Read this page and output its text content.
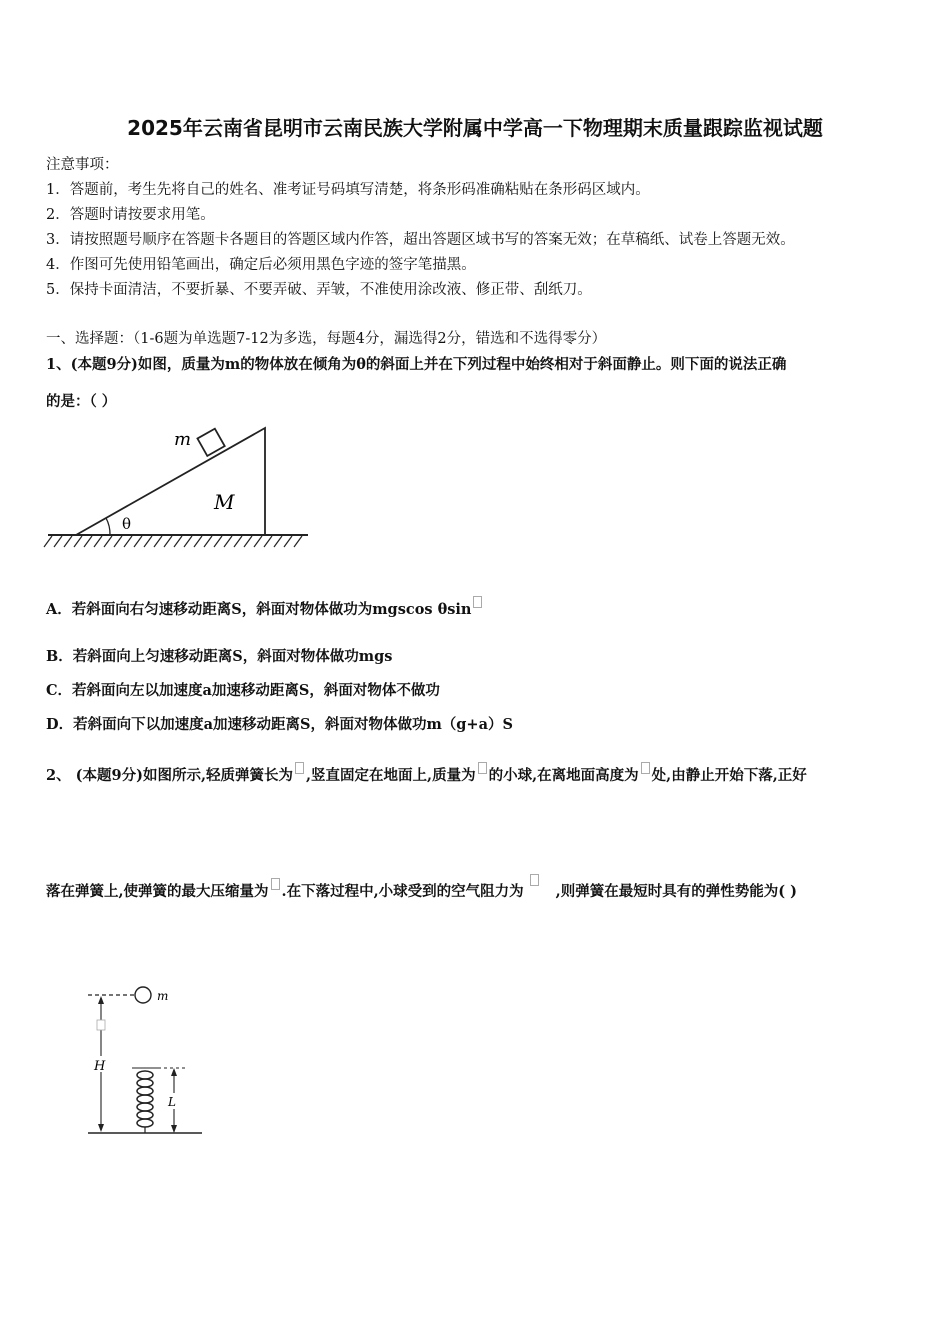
2025年云南省昆明市云南民族大学附属中学高一下物理期末质量跟踪监视试题
注意事项：
1．答题前，考生先将自己的姓名、准考证号码填写清楚，将条形码准确粘贴在条形码区域内。
2．答题时请按要求用笔。
3．请按照题号顺序在答题卡各题目的答题区域内作答，超出答题区域书写的答案无效；在草稿纸、试卷上答题无效。
4．作图可先使用铅笔画出，确定后必须用黑色字迹的签字笔描黑。
5．保持卡面清洁，不要折暴、不要弄破、弄皱，不准使用涂改液、修正带、刮纸刀。
一、选择题：（1-6题为单选题7-12为多选，每题4分，漏选得2分，错选和不选得零分）
1、(本题9分)如图，质量为m的物体放在倾角为θ的斜面上并在下列过程中始终相对于斜面静止。则下面的说法正确
的是：（ ）
θ
m
M
A．若斜面向右匀速移动距离S，斜面对物体做功为mgscos θsin
B．若斜面向上匀速移动距离S，斜面对物体做功mgs
C．若斜面向左以加速度a加速移动距离S，斜面对物体不做功
D．若斜面向下以加速度a加速移动距离S，斜面对物体做功m（g+a）S
2、 (本题9分)如图所示,轻质弹簧长为 ,竖直固定在地面上,质量为 的小球,在离地面高度为 处,由静止开始下落,正好
落在弹簧上,使弹簧的最大压缩量为 .在下落过程中,小球受到的空气阻力为 ,则弹簧在最短时具有的弹性势能为( )
m
H
L
